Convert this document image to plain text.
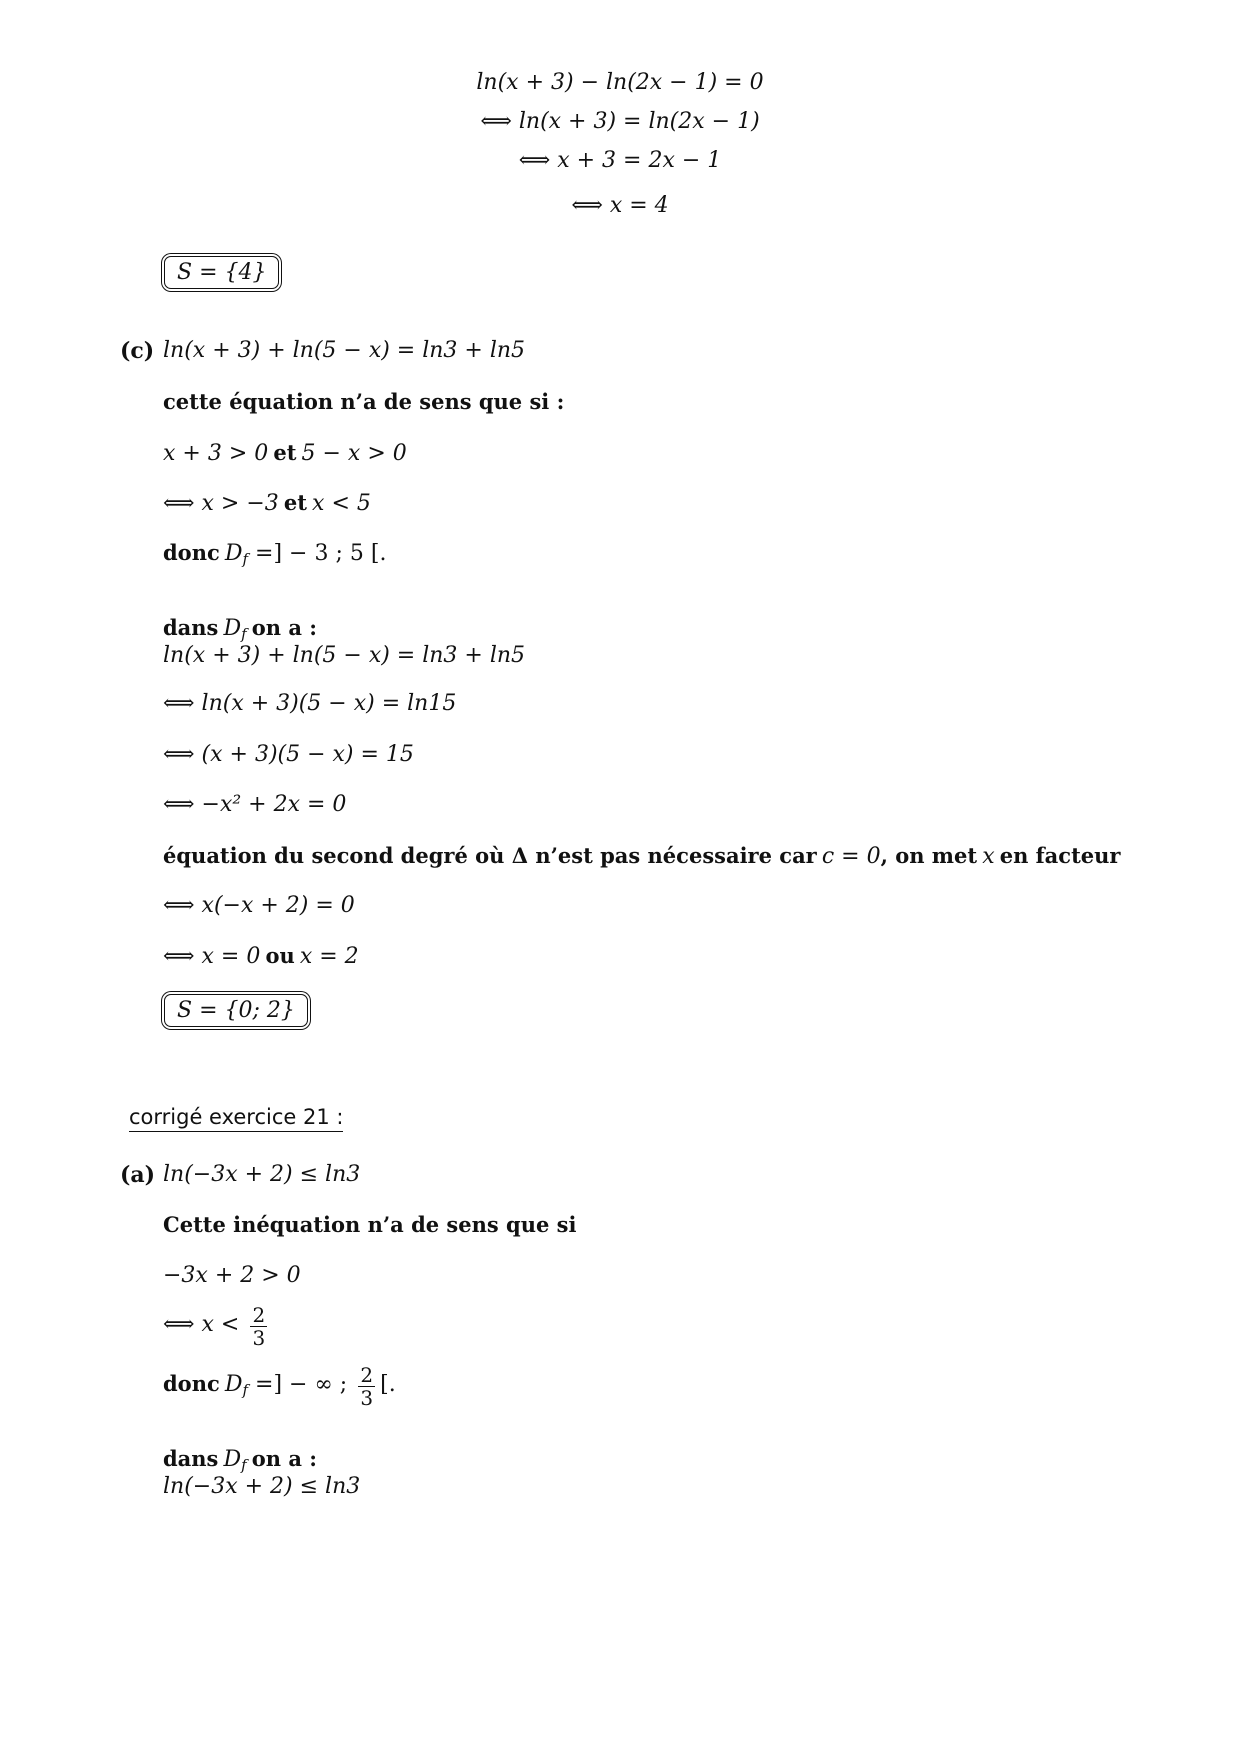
ln(x + 3) − ln(2x − 1) = 0
⟺ ln(x + 3) = ln(2x − 1)
⟺ x + 3 = 2x − 1
⟺ x = 4
S = {4}
(c) ln(x + 3) + ln(5 − x) = ln3 + ln5
cette équation n’a de sens que si :
x + 3 > 0 et 5 − x > 0
⟺ x > −3 et x < 5
donc $D_f$ =] − 3 ; 5 [.
dans $D_f$ on a :
ln(x + 3) + ln(5 − x) = ln3 + ln5
⟺ ln(x + 3)(5 − x) = ln15
⟺ (x + 3)(5 − x) = 15
⟺ −x² + 2x = 0
équation du second degré où Δ n’est pas nécessaire car c = 0, on met x en facteur
⟺ x(−x + 2) = 0
⟺ x = 0 ou x = 2
S = {0; 2}
corrigé exercice 21 :
(a) ln(−3x + 2) ≤ ln3
Cette inéquation n’a de sens que si
−3x + 2 > 0
⟺ $x < \frac{2}{3}$
donc $D_f$ =] − ∞ ; $\frac{2}{3}$ [.
dans $D_f$ on a :
ln(−3x + 2) ≤ ln3
